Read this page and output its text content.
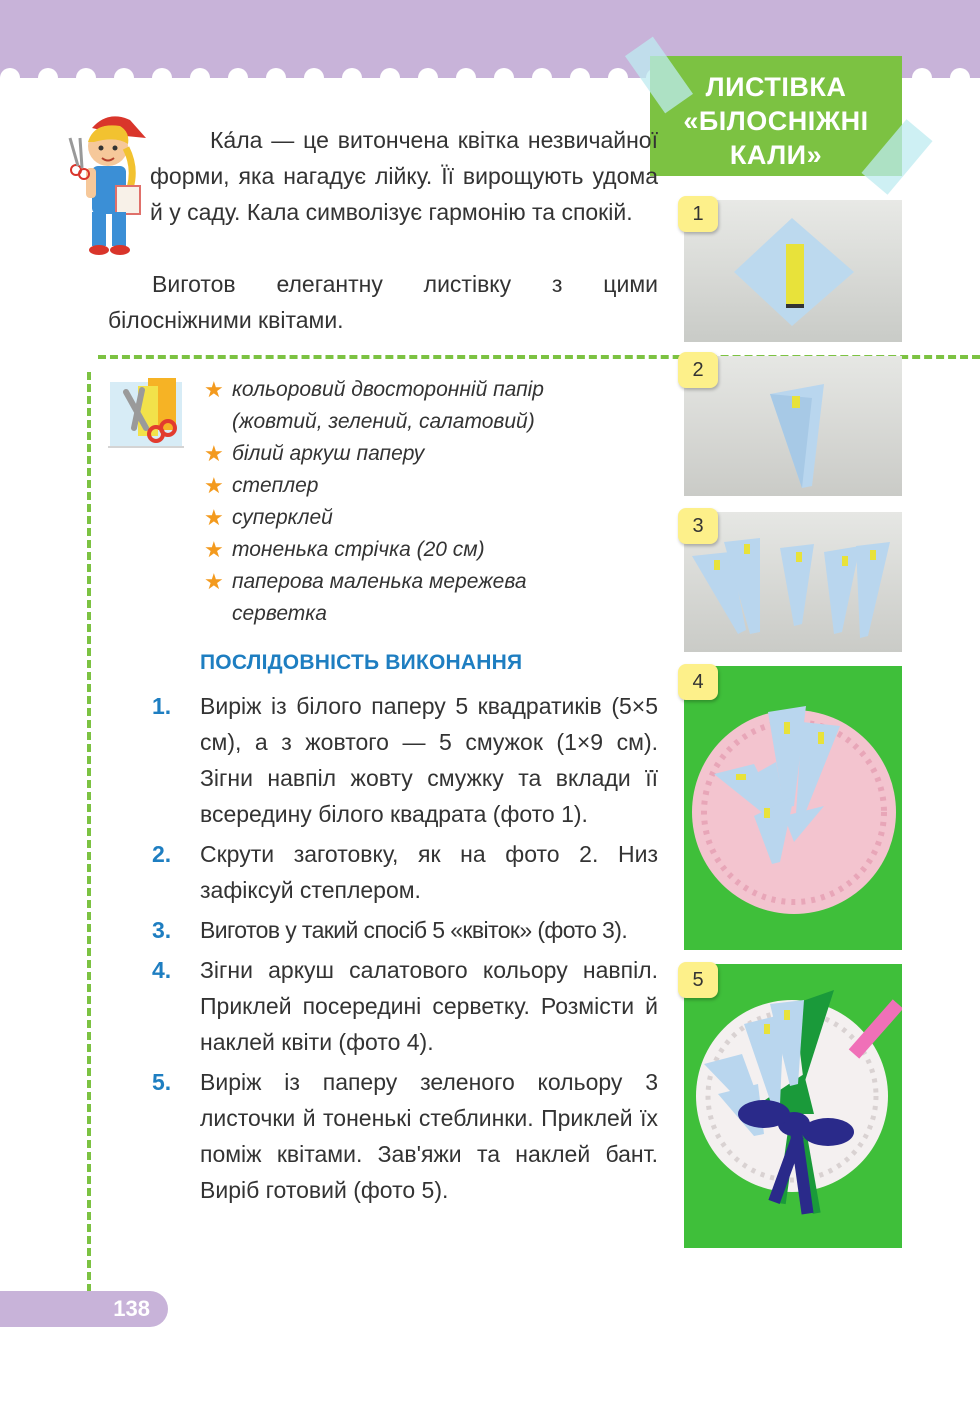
ЛИСТІВКА
«БІЛОСНІЖНІ
КАЛИ»

Ка́ла — це витончена квітка незвичайної форми, яка нагадує лійку. Її вирощують удома й у саду. Кала символізує гармонію та спокій.

Виготов елегантну листівку з цими білосніжними квітами.

★ кольоровий двосторонній папір (жовтий, зелений, салатовий)
★ білий аркуш паперу
★ степлер
★ суперклей
★ тоненька стрічка (20 см)
★ паперова маленька мережева серветка
ПОСЛІДОВНІСТЬ ВИКОНАННЯ
1. Виріж із білого паперу 5 квадратиків (5×5 см), а з жовтого — 5 смужок (1×9 см). Зігни навпіл жовту смужку та вклади її всередину білого квадрата (фото 1).
2. Скрути заготовку, як на фото 2. Низ зафіксуй степлером.
3. Виготов у такий спосіб 5 «квіток» (фото 3).
4. Зігни аркуш салатового кольору навпіл. Приклей посередині серветку. Розмісти й наклей квіти (фото 4).
5. Виріж із паперу зеленого кольору 3 листочки й тоненькі стеблинки. Приклей їх поміж квітами. Зав'яжи та наклей бант. Виріб готовий (фото 5).
1
2
3
4
5
138
